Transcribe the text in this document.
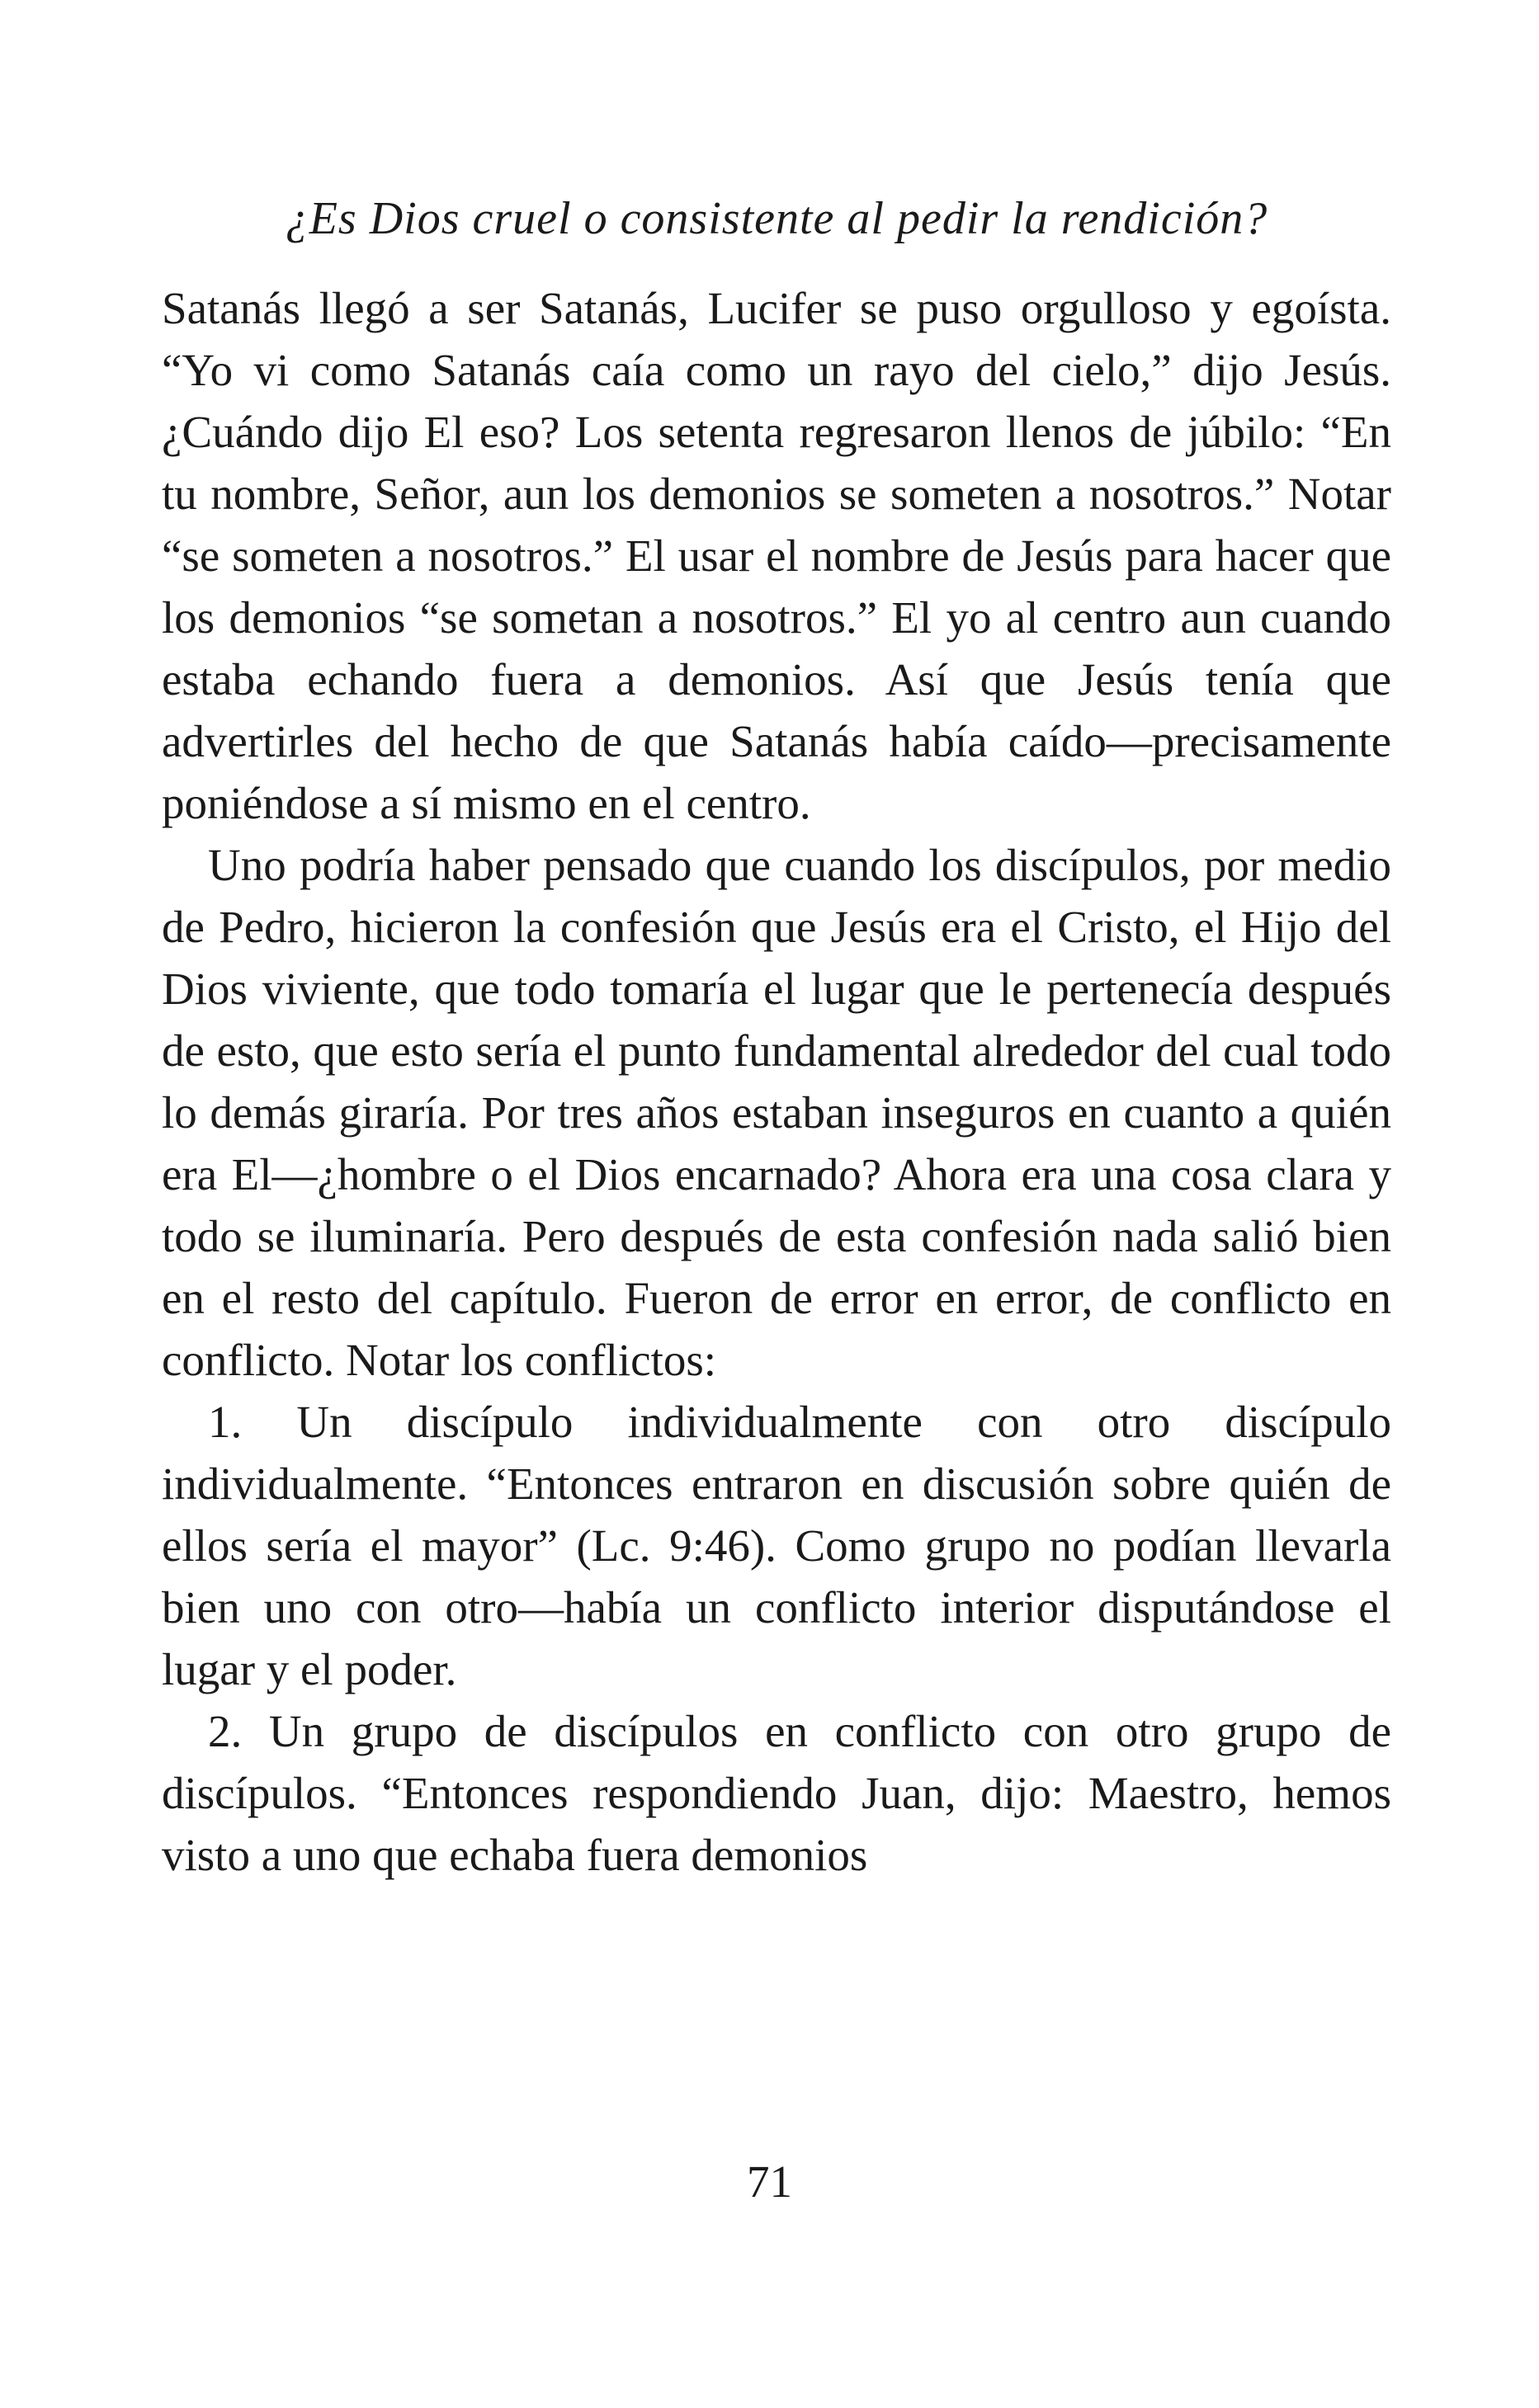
¿Es Dios cruel o consistente al pedir la rendición?

Satanás llegó a ser Satanás, Lucifer se puso orgulloso y egoísta. “Yo vi como Satanás caía como un rayo del cielo,” dijo Jesús. ¿Cuándo dijo El eso? Los setenta regresaron llenos de júbilo: “En tu nombre, Señor, aun los demonios se someten a nosotros.” Notar “se someten a nosotros.” El usar el nombre de Jesús para hacer que los demonios “se sometan a nosotros.” El yo al centro aun cuando estaba echando fuera a demonios. Así que Jesús tenía que advertirles del hecho de que Satanás había caído—precisamente poniéndose a sí mismo en el centro.

Uno podría haber pensado que cuando los discípulos, por medio de Pedro, hicieron la confesión que Jesús era el Cristo, el Hijo del Dios viviente, que todo tomaría el lugar que le pertenecía después de esto, que esto sería el punto fundamental alrededor del cual todo lo demás giraría. Por tres años estaban inseguros en cuanto a quién era El—¿hombre o el Dios encarnado? Ahora era una cosa clara y todo se iluminaría. Pero después de esta confesión nada salió bien en el resto del capítulo. Fueron de error en error, de conflicto en conflicto. Notar los conflictos:

1. Un discípulo individualmente con otro discípulo individualmente. “Entonces entraron en discusión sobre quién de ellos sería el mayor” (Lc. 9:46). Como grupo no podían llevarla bien uno con otro—había un conflicto interior disputándose el lugar y el poder.

2. Un grupo de discípulos en conflicto con otro grupo de discípulos. “Entonces respondiendo Juan, dijo: Maestro, hemos visto a uno que echaba fuera demonios

71
